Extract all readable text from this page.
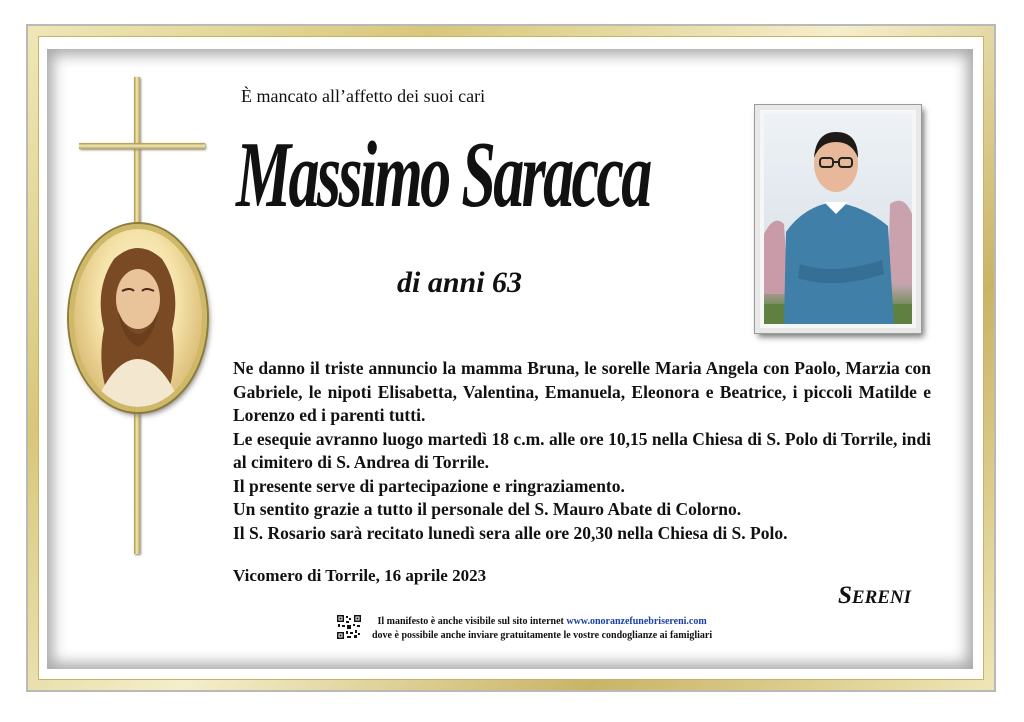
È mancato all’affetto dei suoi cari
Massimo Saracca
di anni 63

Ne danno il triste annuncio la mamma Bruna, le sorelle Maria Angela con Paolo, Marzia con Gabriele, le nipoti Elisabetta, Valentina, Emanuela, Eleonora e Beatrice, i piccoli Matilde e Lorenzo ed i parenti tutti.

Le esequie avranno luogo martedì 18 c.m. alle ore 10,15 nella Chiesa di S. Polo di Torrile, indi al cimitero di S. Andrea di Torrile.

Il presente serve di partecipazione e ringraziamento.

Un sentito grazie a tutto il personale del S. Mauro Abate di Colorno.

Il S. Rosario sarà recitato lunedì sera alle ore 20,30 nella Chiesa di S. Polo.

Vicomero di Torrile, 16 aprile 2023
SERENI
Il manifesto è anche visibile sul sito internet www.onoranzefunebrisereni.com
dove è possibile anche inviare gratuitamente le vostre condoglianze ai famigliari
